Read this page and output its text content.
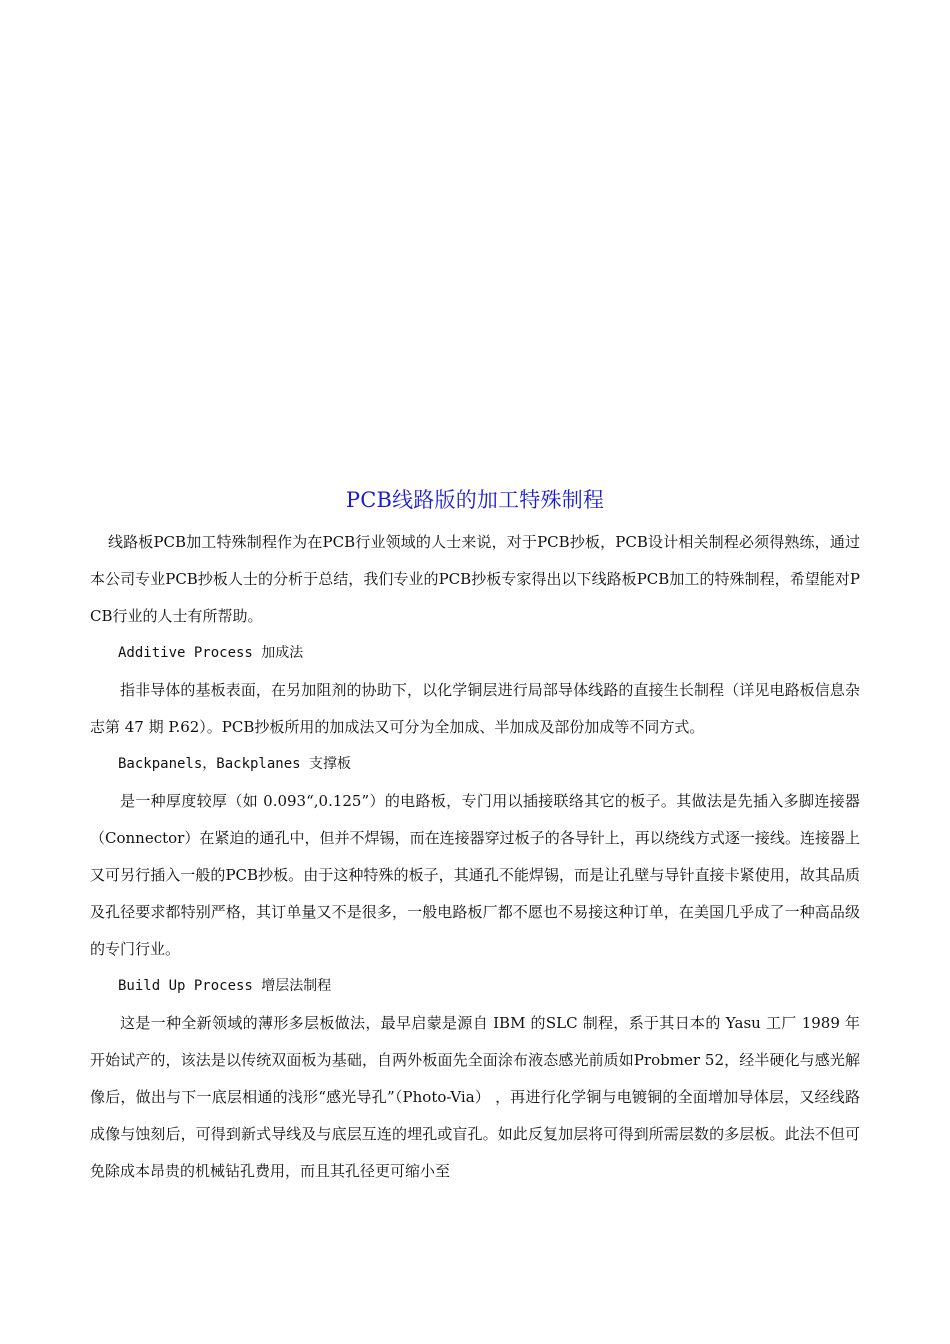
PCB线路版的加工特殊制程

线路板PCB加工特殊制程作为在PCB行业领域的人士来说，对于PCB抄板，PCB设计相关制程必须得熟练，通过本公司专业PCB抄板人士的分析于总结，我们专业的PCB抄板专家得出以下线路板PCB加工的特殊制程，希望能对PCB行业的人士有所帮助。

Additive Process 加成法

指非导体的基板表面，在另加阻剂的协助下，以化学铜层进行局部导体线路的直接生长制程（详见电路板信息杂志第 47 期 P.62）。PCB抄板所用的加成法又可分为全加成、半加成及部份加成等不同方式。

Backpanels，Backplanes 支撑板

是一种厚度较厚（如 0.093“,0.125”）的电路板，专门用以插接联络其它的板子。其做法是先插入多脚连接器（Connector）在紧迫的通孔中，但并不焊锡，而在连接器穿过板子的各导针上，再以绕线方式逐一接线。连接器上又可另行插入一般的PCB抄板。由于这种特殊的板子，其通孔不能焊锡，而是让孔壁与导针直接卡紧使用，故其品质及孔径要求都特别严格，其订单量又不是很多，一般电路板厂都不愿也不易接这种订单，在美国几乎成了一种高品级的专门行业。

Build Up Process 增层法制程

这是一种全新领域的薄形多层板做法，最早启蒙是源自 IBM 的SLC 制程，系于其日本的 Yasu 工厂 1989 年开始试产的，该法是以传统双面板为基础，自两外板面先全面涂布液态感光前质如Probmer 52，经半硬化与感光解像后，做出与下一底层相通的浅形“感光导孔”（Photo-Via） ，再进行化学铜与电镀铜的全面增加导体层，又经线路成像与蚀刻后，可得到新式导线及与底层互连的埋孔或盲孔。如此反复加层将可得到所需层数的多层板。此法不但可免除成本昂贵的机械钻孔费用，而且其孔径更可缩小至
